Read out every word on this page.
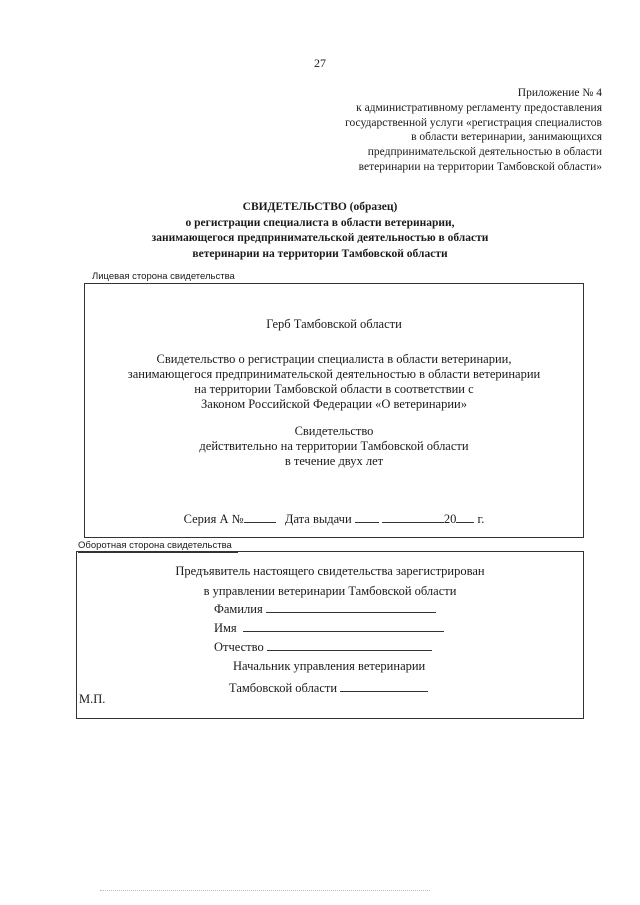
27
Приложение № 4
к административному регламенту предоставления
государственной услуги «регистрация специалистов
в области ветеринарии, занимающихся
предпринимательской деятельностью в области
ветеринарии на территории Тамбовской области»
СВИДЕТЕЛЬСТВО (образец)
о регистрации специалиста в области ветеринарии,
занимающегося предпринимательской деятельностью в области
ветеринарии на территории Тамбовской области
Лицевая сторона свидетельства
Герб Тамбовской области
Свидетельство о регистрации специалиста в области ветеринарии,
занимающегося предпринимательской деятельностью в области ветеринарии
на территории Тамбовской области в соответствии с
Законом Российской Федерации «О ветеринарии»
Свидетельство
действительно на территории Тамбовской области
в течение двух лет
Серия А №	Дата выдачи	20 г.
Оборотная сторона свидетельства
Предъявитель настоящего свидетельства зарегистрирован
в управлении ветеринарии Тамбовской области
Фамилия
Имя
Отчество
Начальник управления ветеринарии
Тамбовской области
М.П.
